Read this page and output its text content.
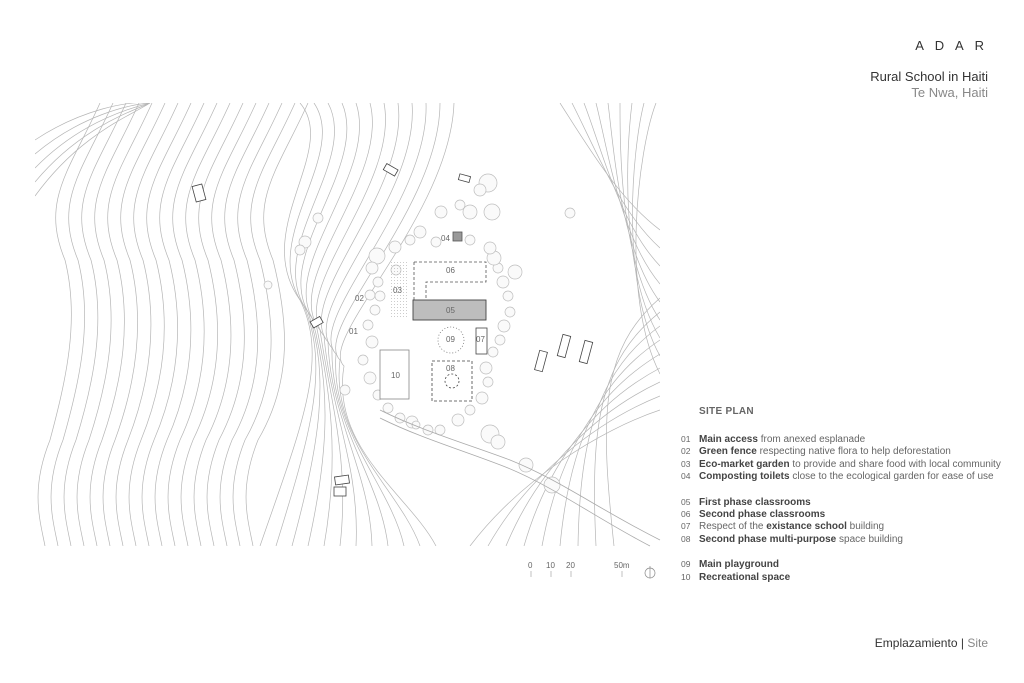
A D A R
Rural School in Haiti
Te Nwa, Haiti
01
02
03
04
05
06
07
08
09
10
0 10 20	50m
SITE PLAN
01 Main access from anexed esplanade
02 Green fence respecting native flora to help deforestation
03 Eco-market garden to provide and share food with local community
04 Composting toilets close to the ecological garden for ease of use
05 First phase classrooms
06 Second phase classrooms
07 Respect of the existance school building
08 Second phase multi-purpose space building
09 Main playground
10 Recreational space
Emplazamiento | Site
